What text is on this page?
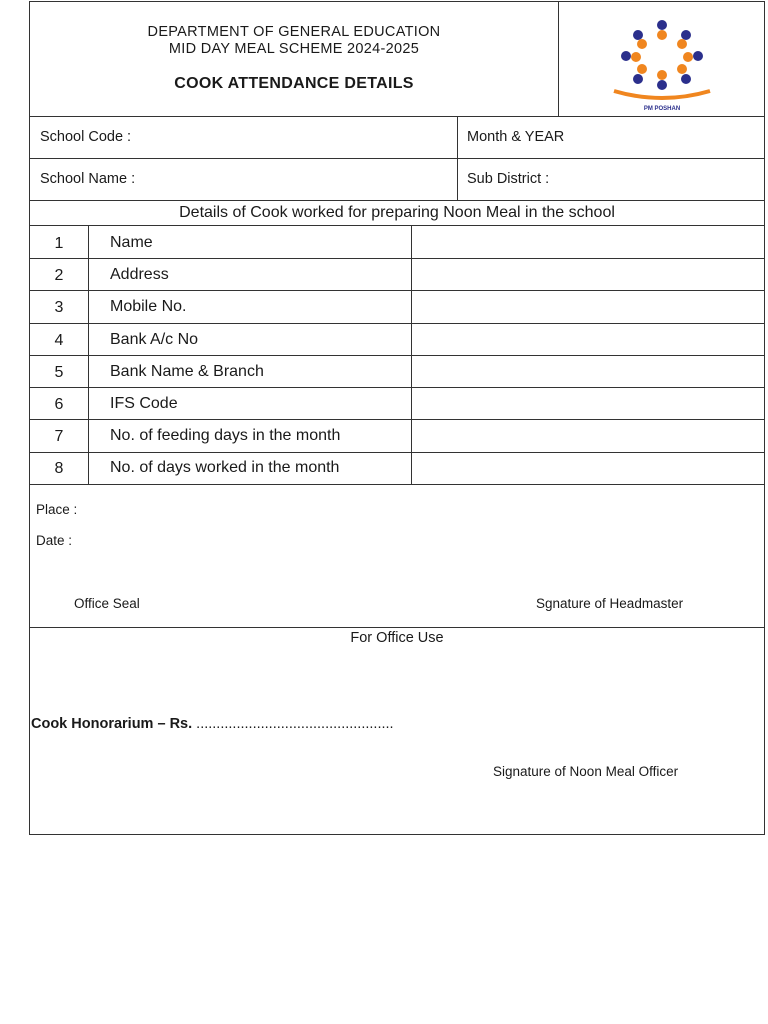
DEPARTMENT OF GENERAL EDUCATION
MID DAY MEAL SCHEME 2024-2025
COOK ATTENDANCE DETAILS
PM POSHAN
School Code :	Month & YEAR
School Name :	Sub District :
Details of Cook worked for preparing Noon Meal in the school
1	Name
2	Address
3	Mobile No.
4	Bank A/c No
5	Bank Name & Branch
6	IFS Code
7	No. of feeding days in the month
8	No. of days worked in the month
Place :
Date :
Office Seal	Sgnature of Headmaster
For Office Use
Cook Honorarium – Rs. .................................................
Signature of Noon Meal Officer
